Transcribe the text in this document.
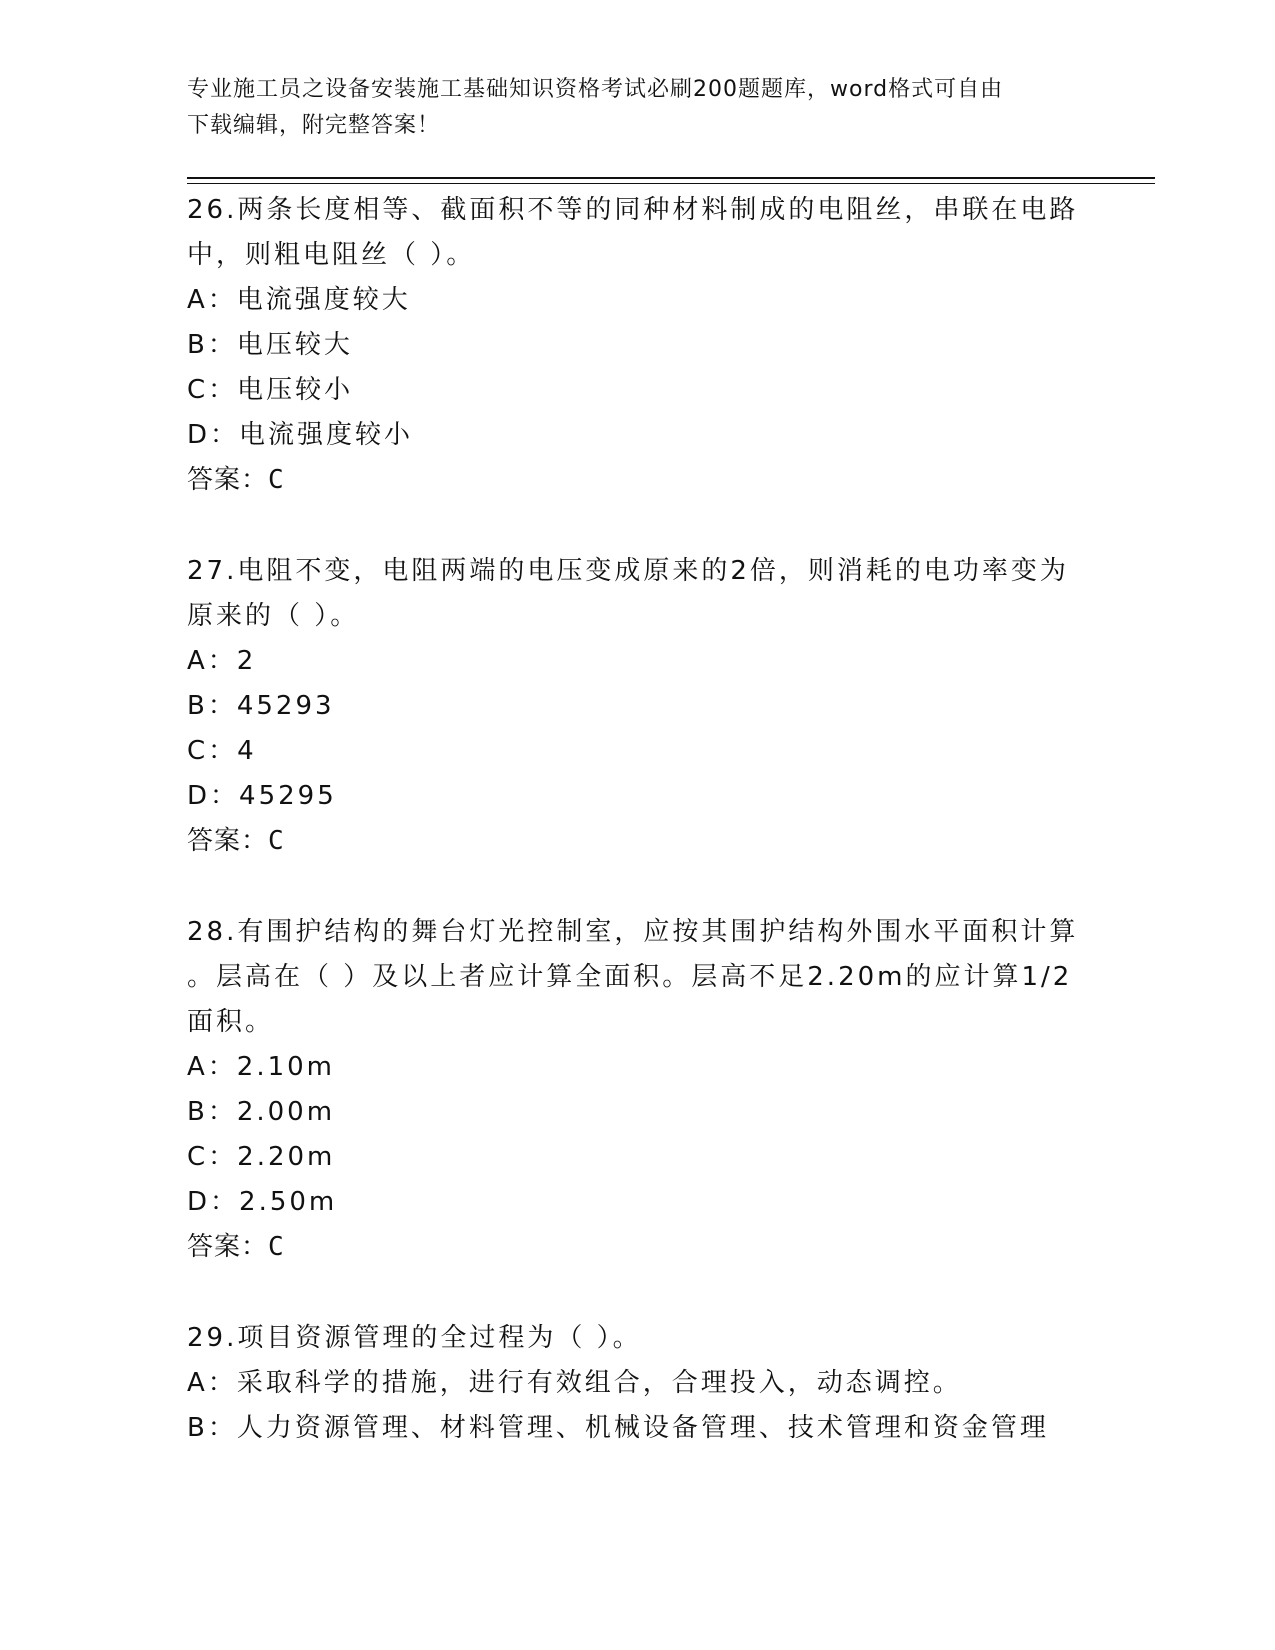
专业施工员之设备安装施工基础知识资格考试必刷200题题库，word格式可自由
下载编辑，附完整答案！
26.两条长度相等、截面积不等的同种材料制成的电阻丝，串联在电路
中，则粗电阻丝（ ）。
A：电流强度较大
B：电压较大
C：电压较小
D：电流强度较小
答案：C
27.电阻不变，电阻两端的电压变成原来的2倍，则消耗的电功率变为
原来的（ ）。
A：2
B：45293
C：4
D：45295
答案：C
28.有围护结构的舞台灯光控制室，应按其围护结构外围水平面积计算
。层高在（ ）及以上者应计算全面积。层高不足2.20m的应计算1/2
面积。
A：2.10m
B：2.00m
C：2.20m
D：2.50m
答案：C
29.项目资源管理的全过程为（ ）。
A：采取科学的措施，进行有效组合，合理投入，动态调控。
B：人力资源管理、材料管理、机械设备管理、技术管理和资金管理
